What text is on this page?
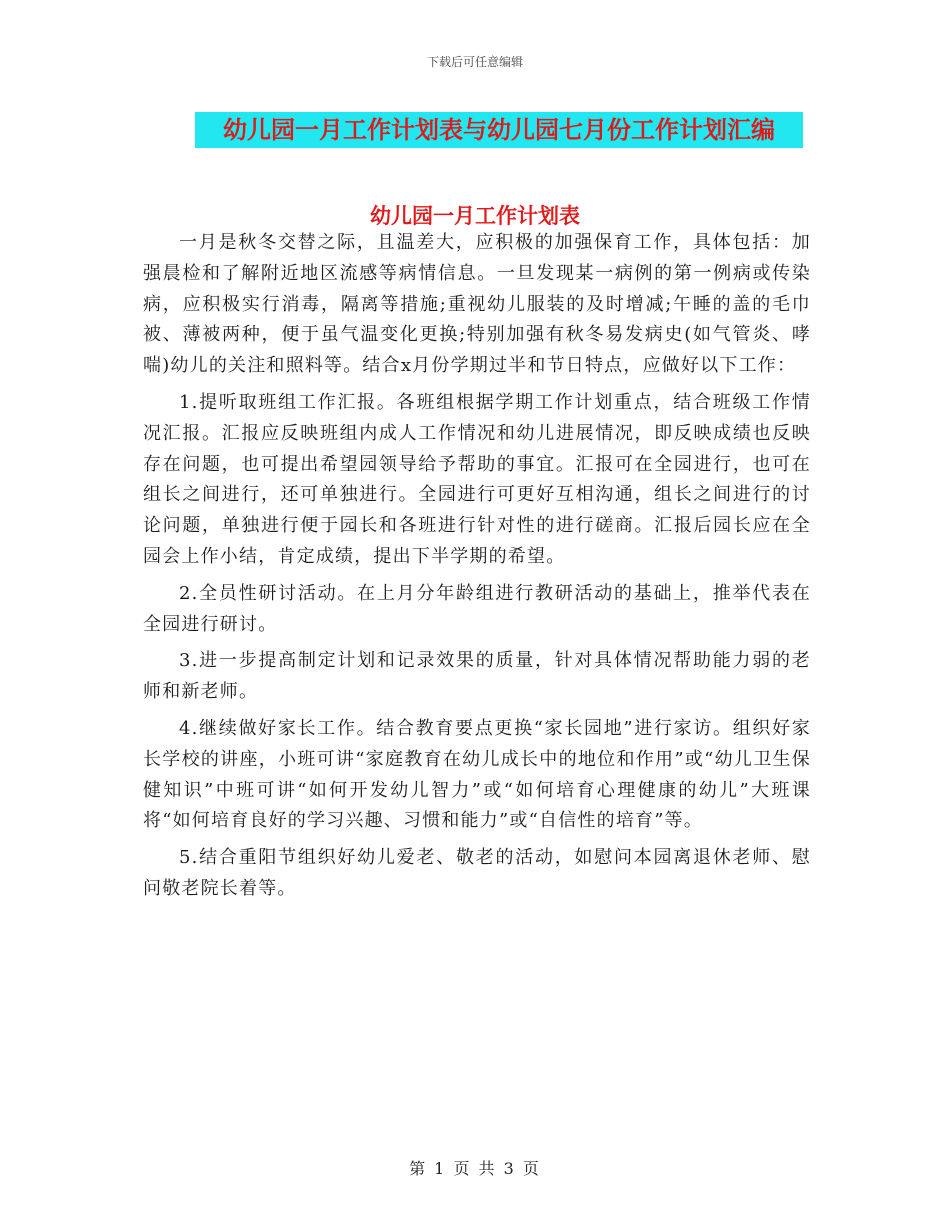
下载后可任意编辑
幼儿园一月工作计划表与幼儿园七月份工作计划汇编
幼儿园一月工作计划表

一月是秋冬交替之际，且温差大，应积极的加强保育工作，具体包括：加强晨检和了解附近地区流感等病情信息。一旦发现某一病例的第一例病或传染病，应积极实行消毒，隔离等措施;重视幼儿服装的及时增减;午睡的盖的毛巾被、薄被两种，便于虽气温变化更换;特别加强有秋冬易发病史(如气管炎、哮喘)幼儿的关注和照料等。结合x月份学期过半和节日特点，应做好以下工作：

1.提听取班组工作汇报。各班组根据学期工作计划重点，结合班级工作情况汇报。汇报应反映班组内成人工作情况和幼儿进展情况，即反映成绩也反映存在问题，也可提出希望园领导给予帮助的事宜。汇报可在全园进行，也可在组长之间进行，还可单独进行。全园进行可更好互相沟通，组长之间进行的讨论问题，单独进行便于园长和各班进行针对性的进行磋商。汇报后园长应在全园会上作小结，肯定成绩，提出下半学期的希望。

2.全员性研讨活动。在上月分年龄组进行教研活动的基础上，推举代表在全园进行研讨。

3.进一步提高制定计划和记录效果的质量，针对具体情况帮助能力弱的老师和新老师。

4.继续做好家长工作。结合教育要点更换“家长园地”进行家访。组织好家长学校的讲座，小班可讲“家庭教育在幼儿成长中的地位和作用”或“幼儿卫生保健知识”中班可讲“如何开发幼儿智力”或“如何培育心理健康的幼儿”大班课将“如何培育良好的学习兴趣、习惯和能力”或“自信性的培育”等。

5.结合重阳节组织好幼儿爱老、敬老的活动，如慰问本园离退休老师、慰问敬老院长着等。

第 1 页 共 3 页
